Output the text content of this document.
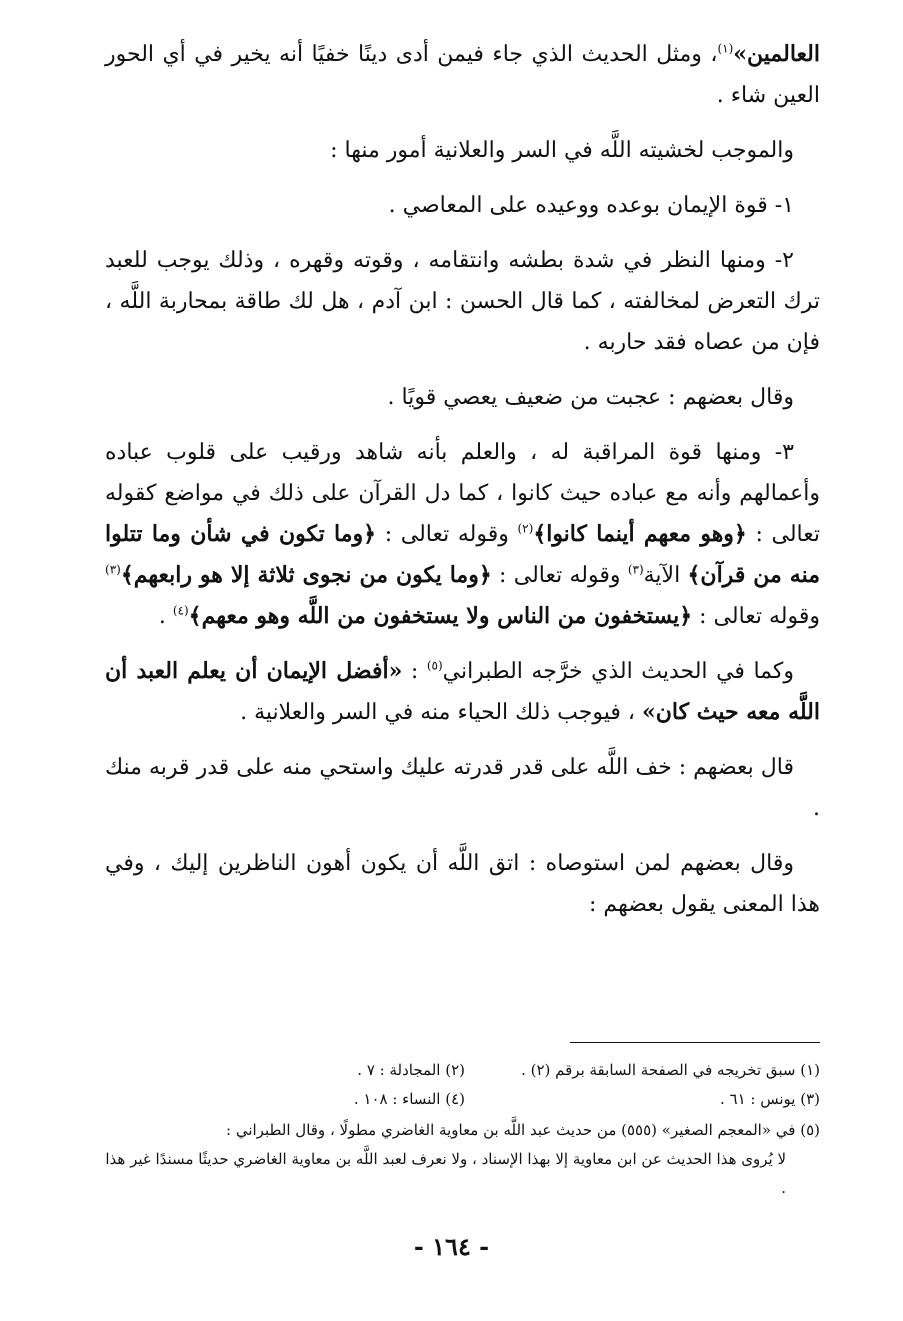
العالمين»$^{(١)}$، ومثل الحديث الذي جاء فيمن أدى دينًا خفيًا أنه يخير في أي الحور العين شاء .

والموجب لخشيته اللَّه في السر والعلانية أمور منها :

١- قوة الإيمان بوعده ووعيده على المعاصي .

٢- ومنها النظر في شدة بطشه وانتقامه ، وقوته وقهره ، وذلك يوجب للعبد ترك التعرض لمخالفته ، كما قال الحسن : ابن آدم ، هل لك طاقة بمحاربة اللَّه ، فإن من عصاه فقد حاربه .

وقال بعضهم : عجبت من ضعيف يعصي قويًا .

٣- ومنها قوة المراقبة له ، والعلم بأنه شاهد ورقيب على قلوب عباده وأعمالهم وأنه مع عباده حيث كانوا ، كما دل القرآن على ذلك في مواضع كقوله تعالى : ﴿وهو معهم أينما كانوا﴾$^{(٢)}$ وقوله تعالى : ﴿وما تكون في شأن وما تتلوا منه من قرآن﴾ الآية$^{(٣)}$ وقوله تعالى : ﴿وما يكون من نجوى ثلاثة إلا هو رابعهم﴾$^{(٣)}$ وقوله تعالى : ﴿يستخفون من الناس ولا يستخفون من اللَّه وهو معهم﴾$^{(٤)}$ .

وكما في الحديث الذي خرَّجه الطبراني$^{(٥)}$ : «أفضل الإيمان أن يعلم العبد أن اللَّه معه حيث كان» ، فيوجب ذلك الحياء منه في السر والعلانية .

قال بعضهم : خف اللَّه على قدر قدرته عليك واستحي منه على قدر قربه منك .

وقال بعضهم لمن استوصاه : اتق اللَّه أن يكون أهون الناظرين إليك ، وفي هذا المعنى يقول بعضهم :

(١) سبق تخريجه في الصفحة السابقة برقم (٢) .
(٢) المجادلة : ٧ .
(٣) يونس : ٦١ .
(٤) النساء : ١٠٨ .
(٥) في «المعجم الصغير» (٥٥٥) من حديث عبد اللَّه بن معاوية الغاضري مطولًا ، وقال الطبراني :
لا يُروى هذا الحديث عن ابن معاوية إلا بهذا الإسناد ، ولا نعرف لعبد اللَّه بن معاوية الغاضري حديثًا مسندًا غير هذا .
- ١٦٤ -
